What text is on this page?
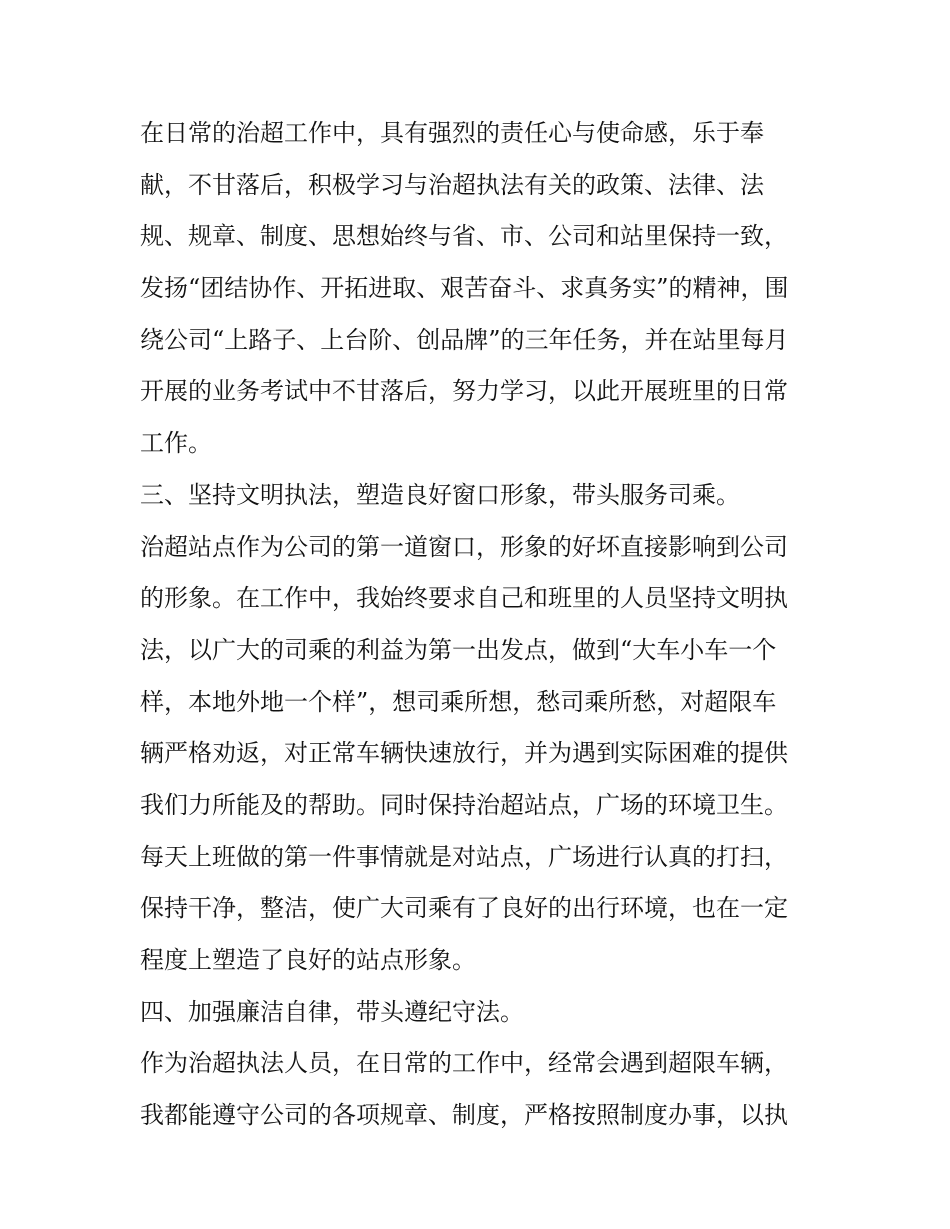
在日常的治超工作中，具有强烈的责任心与使命感，乐于奉
献，不甘落后，积极学习与治超执法有关的政策、法律、法
规、规章、制度、思想始终与省、市、公司和站里保持一致，
发扬“团结协作、开拓进取、艰苦奋斗、求真务实”的精神，围
绕公司“上路子、上台阶、创品牌”的三年任务，并在站里每月
开展的业务考试中不甘落后，努力学习，以此开展班里的日常
工作。
三、坚持文明执法，塑造良好窗口形象，带头服务司乘。
治超站点作为公司的第一道窗口，形象的好坏直接影响到公司
的形象。在工作中，我始终要求自己和班里的人员坚持文明执
法，以广大的司乘的利益为第一出发点，做到“大车小车一个
样，本地外地一个样”，想司乘所想，愁司乘所愁，对超限车
辆严格劝返，对正常车辆快速放行，并为遇到实际困难的提供
我们力所能及的帮助。同时保持治超站点，广场的环境卫生。
每天上班做的第一件事情就是对站点，广场进行认真的打扫，
保持干净，整洁，使广大司乘有了良好的出行环境，也在一定
程度上塑造了良好的站点形象。
四、加强廉洁自律，带头遵纪守法。
作为治超执法人员，在日常的工作中，经常会遇到超限车辆，
我都能遵守公司的各项规章、制度，严格按照制度办事，以执
